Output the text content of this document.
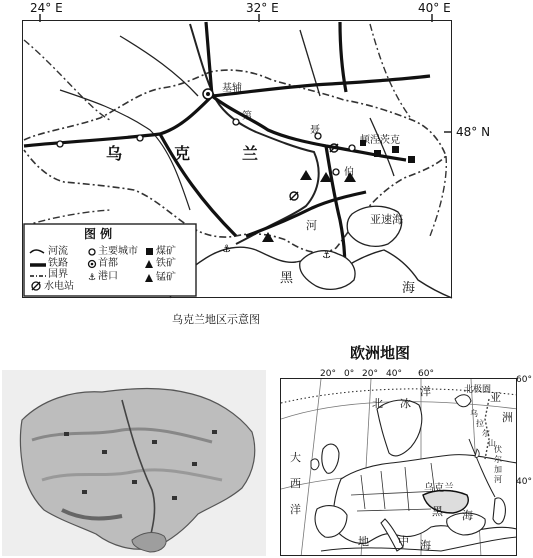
24° E	32° E	40° E
⚓
⚓
⚓
48° N
乌	克	兰
基辅
第
聂
顿涅茨克
伯
河	亚速海
黑
海
图 例
河流
铁路
国界
水电站
主要城市
首都
港口
煤矿
铁矿
锰矿
乌克兰地区示意图
欧洲地图
北极圈
20° 0° 20° 40° 60°
60°
40°
北 冰
洋
大
西
洋
亚
洲
乌克兰
黑 海
地	中 海
乌
拉
尔
山
伏
尔
加
河
